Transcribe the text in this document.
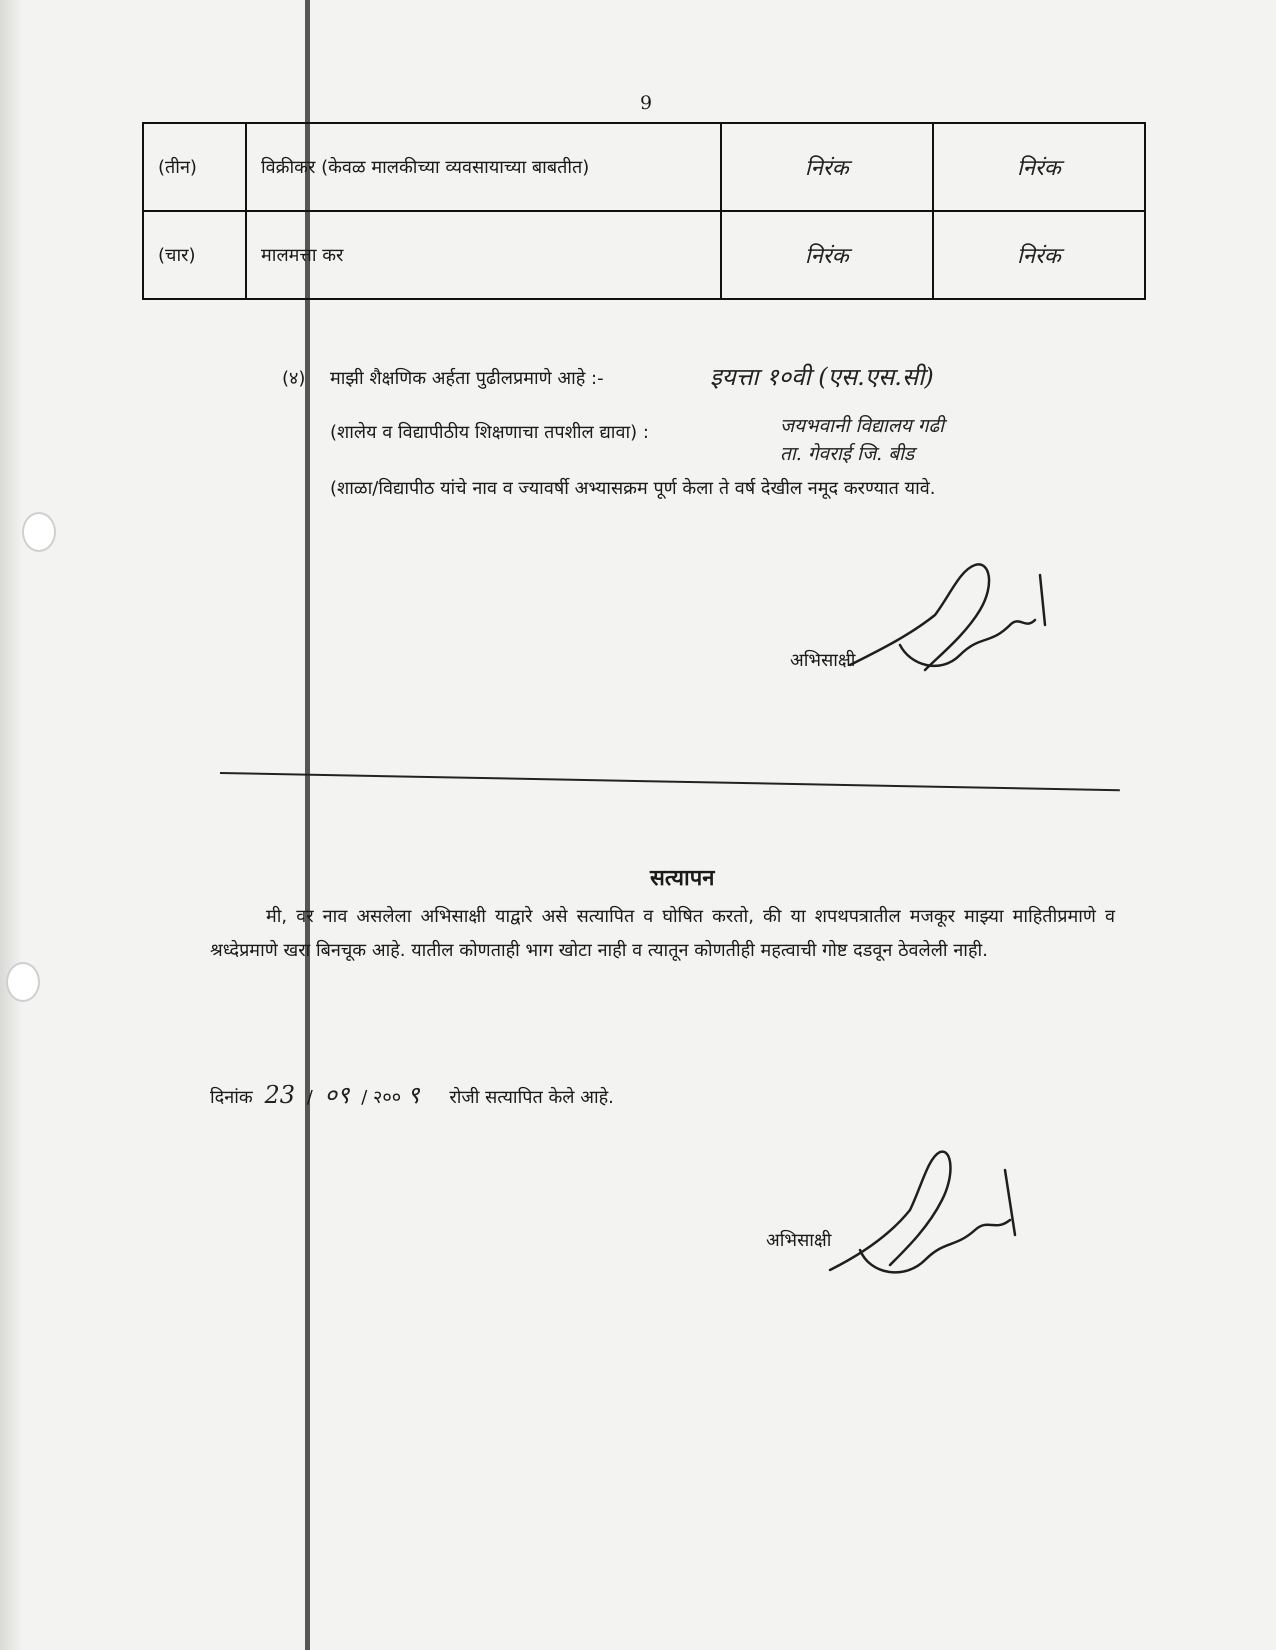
9
(तीन)	विक्रीकर (केवळ मालकीच्या व्यवसायाच्या बाबतीत)	निरंक	निरंक
(चार)	मालमत्ता कर	निरंक	निरंक
(४) माझी शैक्षणिक अर्हता पुढीलप्रमाणे आहे :-	इयत्ता १०वी (एस.एस.सी)
(शालेय व विद्यापीठीय शिक्षणाचा तपशील द्यावा) :	जयभवानी विद्यालय गढी
ता. गेवराई जि. बीड
(शाळा/विद्यापीठ यांचे नाव व ज्यावर्षी अभ्यासक्रम पूर्ण केला ते वर्ष देखील नमूद करण्यात यावे.
अभिसाक्षी
सत्यापन
मी, वर नाव असलेला अभिसाक्षी याद्वारे असे सत्यापित व घोषित करतो, की या शपथपत्रातील मजकूर माझ्या माहितीप्रमाणे व श्रध्देप्रमाणे खरा बिनचूक आहे. यातील कोणताही भाग खोटा नाही व त्यातून कोणतीही महत्वाची गोष्ट दडवून ठेवलेली नाही.
दिनांक 23 / ०९ / २०० ९ रोजी सत्यापित केले आहे.
अभिसाक्षी
